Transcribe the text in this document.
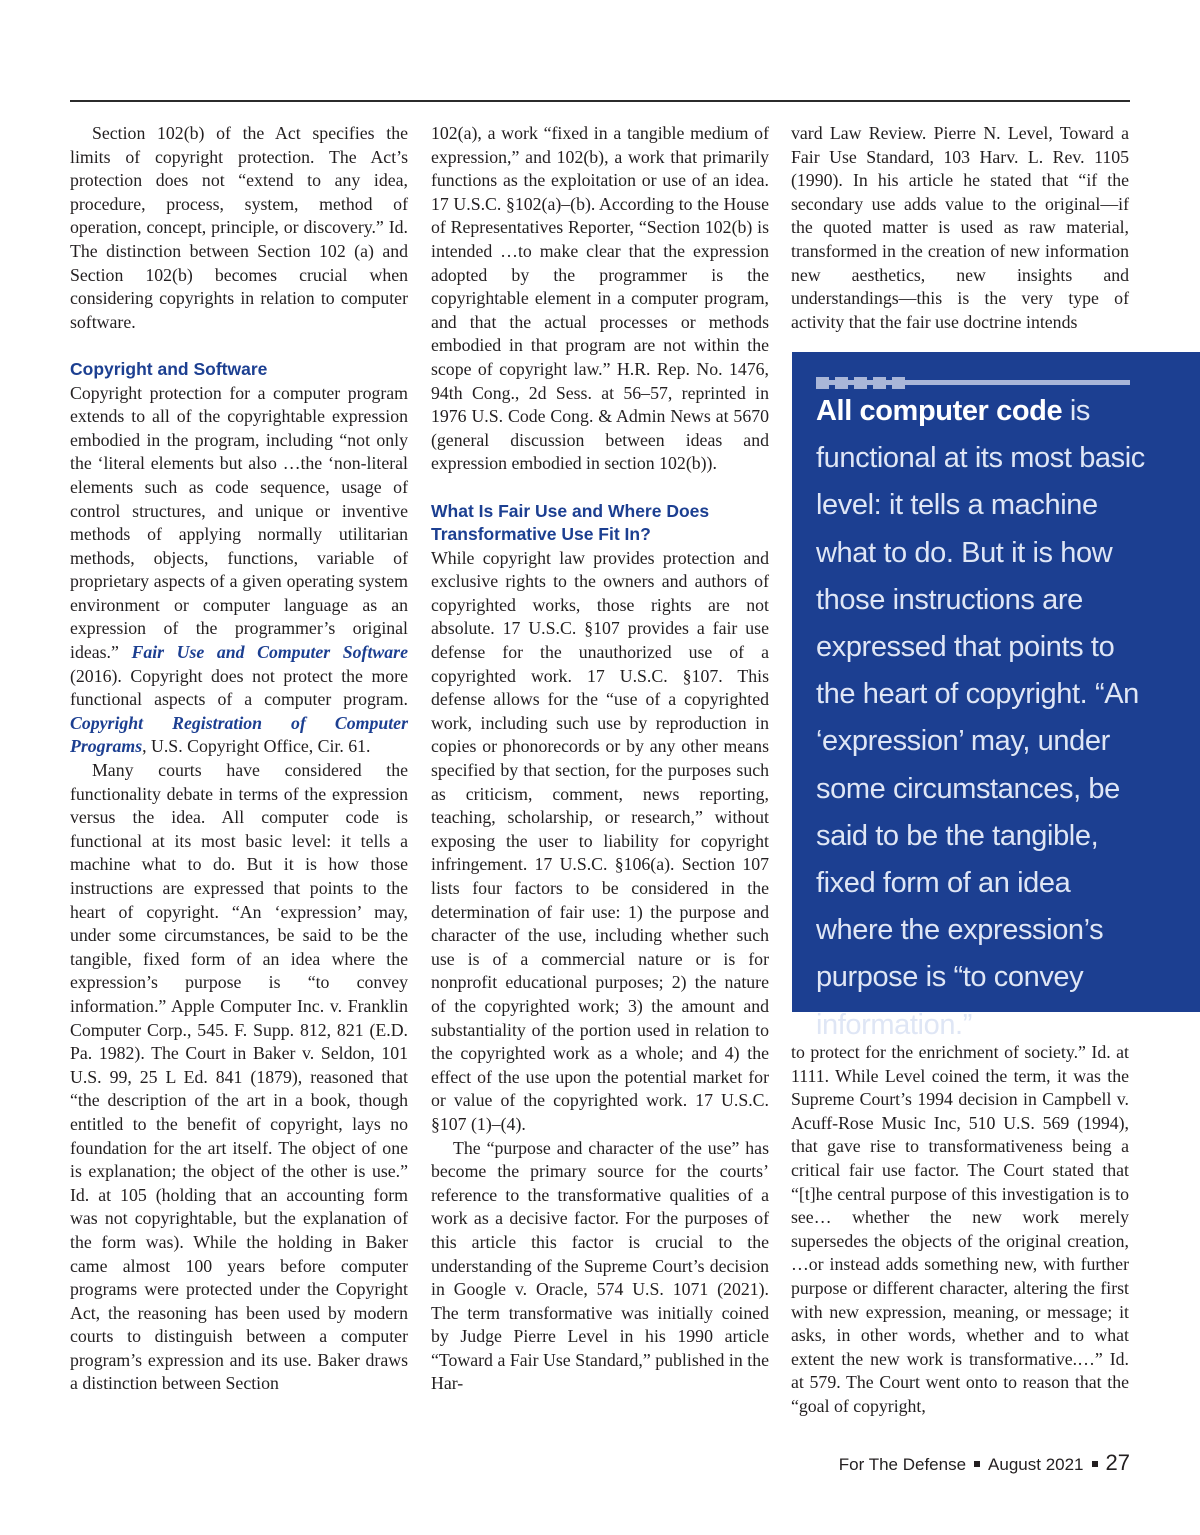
Section 102(b) of the Act specifies the limits of copyright protection. The Act’s protection does not “extend to any idea, procedure, process, system, method of operation, concept, principle, or discovery.” Id. The distinction between Section 102 (a) and Section 102(b) becomes crucial when considering copyrights in relation to computer software.

Copyright and Software

Copyright protection for a computer program extends to all of the copyrightable expression embodied in the program, including “not only the ‘literal elements but also …the ‘non-literal elements such as code sequence, usage of control structures, and unique or inventive methods of applying normally utilitarian methods, objects, functions, variable of proprietary aspects of a given operating system environment or computer language as an expression of the programmer’s original ideas.” Fair Use and Computer Software (2016). Copyright does not protect the more functional aspects of a computer program. Copyright Registration of Computer Programs, U.S. Copyright Office, Cir. 61.

Many courts have considered the functionality debate in terms of the expression versus the idea. All computer code is functional at its most basic level: it tells a machine what to do. But it is how those instructions are expressed that points to the heart of copyright. “An ‘expression’ may, under some circumstances, be said to be the tangible, fixed form of an idea where the expression’s purpose is “to convey information.” Apple Computer Inc. v. Franklin Computer Corp., 545. F. Supp. 812, 821 (E.D. Pa. 1982). The Court in Baker v. Seldon, 101 U.S. 99, 25 L Ed. 841 (1879), reasoned that “the description of the art in a book, though entitled to the benefit of copyright, lays no foundation for the art itself. The object of one is explanation; the object of the other is use.” Id. at 105 (holding that an accounting form was not copyrightable, but the explanation of the form was). While the holding in Baker came almost 100 years before computer programs were protected under the Copyright Act, the reasoning has been used by modern courts to distinguish between a computer program’s expression and its use. Baker draws a distinction between Section

102(a), a work “fixed in a tangible medium of expression,” and 102(b), a work that primarily functions as the exploitation or use of an idea. 17 U.S.C. §102(a)–(b). According to the House of Representatives Reporter, “Section 102(b) is intended …to make clear that the expression adopted by the programmer is the copyrightable element in a computer program, and that the actual processes or methods embodied in that program are not within the scope of copyright law.” H.R. Rep. No. 1476, 94th Cong., 2d Sess. at 56–57, reprinted in 1976 U.S. Code Cong. & Admin News at 5670 (general discussion between ideas and expression embodied in section 102(b)).

What Is Fair Use and Where Does Transformative Use Fit In?

While copyright law provides protection and exclusive rights to the owners and authors of copyrighted works, those rights are not absolute. 17 U.S.C. §107 provides a fair use defense for the unauthorized use of a copyrighted work. 17 U.S.C. §107. This defense allows for the “use of a copyrighted work, including such use by reproduction in copies or phonorecords or by any other means specified by that section, for the purposes such as criticism, comment, news reporting, teaching, scholarship, or research,” without exposing the user to liability for copyright infringement. 17 U.S.C. §106(a). Section 107 lists four factors to be considered in the determination of fair use: 1) the purpose and character of the use, including whether such use is of a commercial nature or is for nonprofit educational purposes; 2) the nature of the copyrighted work; 3) the amount and substantiality of the portion used in relation to the copyrighted work as a whole; and 4) the effect of the use upon the potential market for or value of the copyrighted work. 17 U.S.C. §107 (1)–(4).

The “purpose and character of the use” has become the primary source for the courts’ reference to the transformative qualities of a work as a decisive factor. For the purposes of this article this factor is crucial to the understanding of the Supreme Court’s decision in Google v. Oracle, 574 U.S. 1071 (2021). The term transformative was initially coined by Judge Pierre Level in his 1990 article “Toward a Fair Use Standard,” published in the Har-

vard Law Review. Pierre N. Level, Toward a Fair Use Standard, 103 Harv. L. Rev. 1105 (1990). In his article he stated that “if the secondary use adds value to the original—if the quoted matter is used as raw material, transformed in the creation of new information new aesthetics, new insights and understandings—this is the very type of activity that the fair use doctrine intends

All computer code is functional at its most basic level: it tells a machine what to do. But it is how those instructions are expressed that points to the heart of copyright. “An ‘expression’ may, under some circumstances, be said to be the tangible, fixed form of an idea where the expression’s purpose is “to convey information.”

to protect for the enrichment of society.” Id. at 1111. While Level coined the term, it was the Supreme Court’s 1994 decision in Campbell v. Acuff-Rose Music Inc, 510 U.S. 569 (1994), that gave rise to transformativeness being a critical fair use factor. The Court stated that “[t]he central purpose of this investigation is to see… whether the new work merely supersedes the objects of the original creation, …or instead adds something new, with further purpose or different character, altering the first with new expression, meaning, or message; it asks, in other words, whether and to what extent the new work is transformative.…” Id. at 579. The Court went onto to reason that the “goal of copyright,

For The Defense August 2021 27
